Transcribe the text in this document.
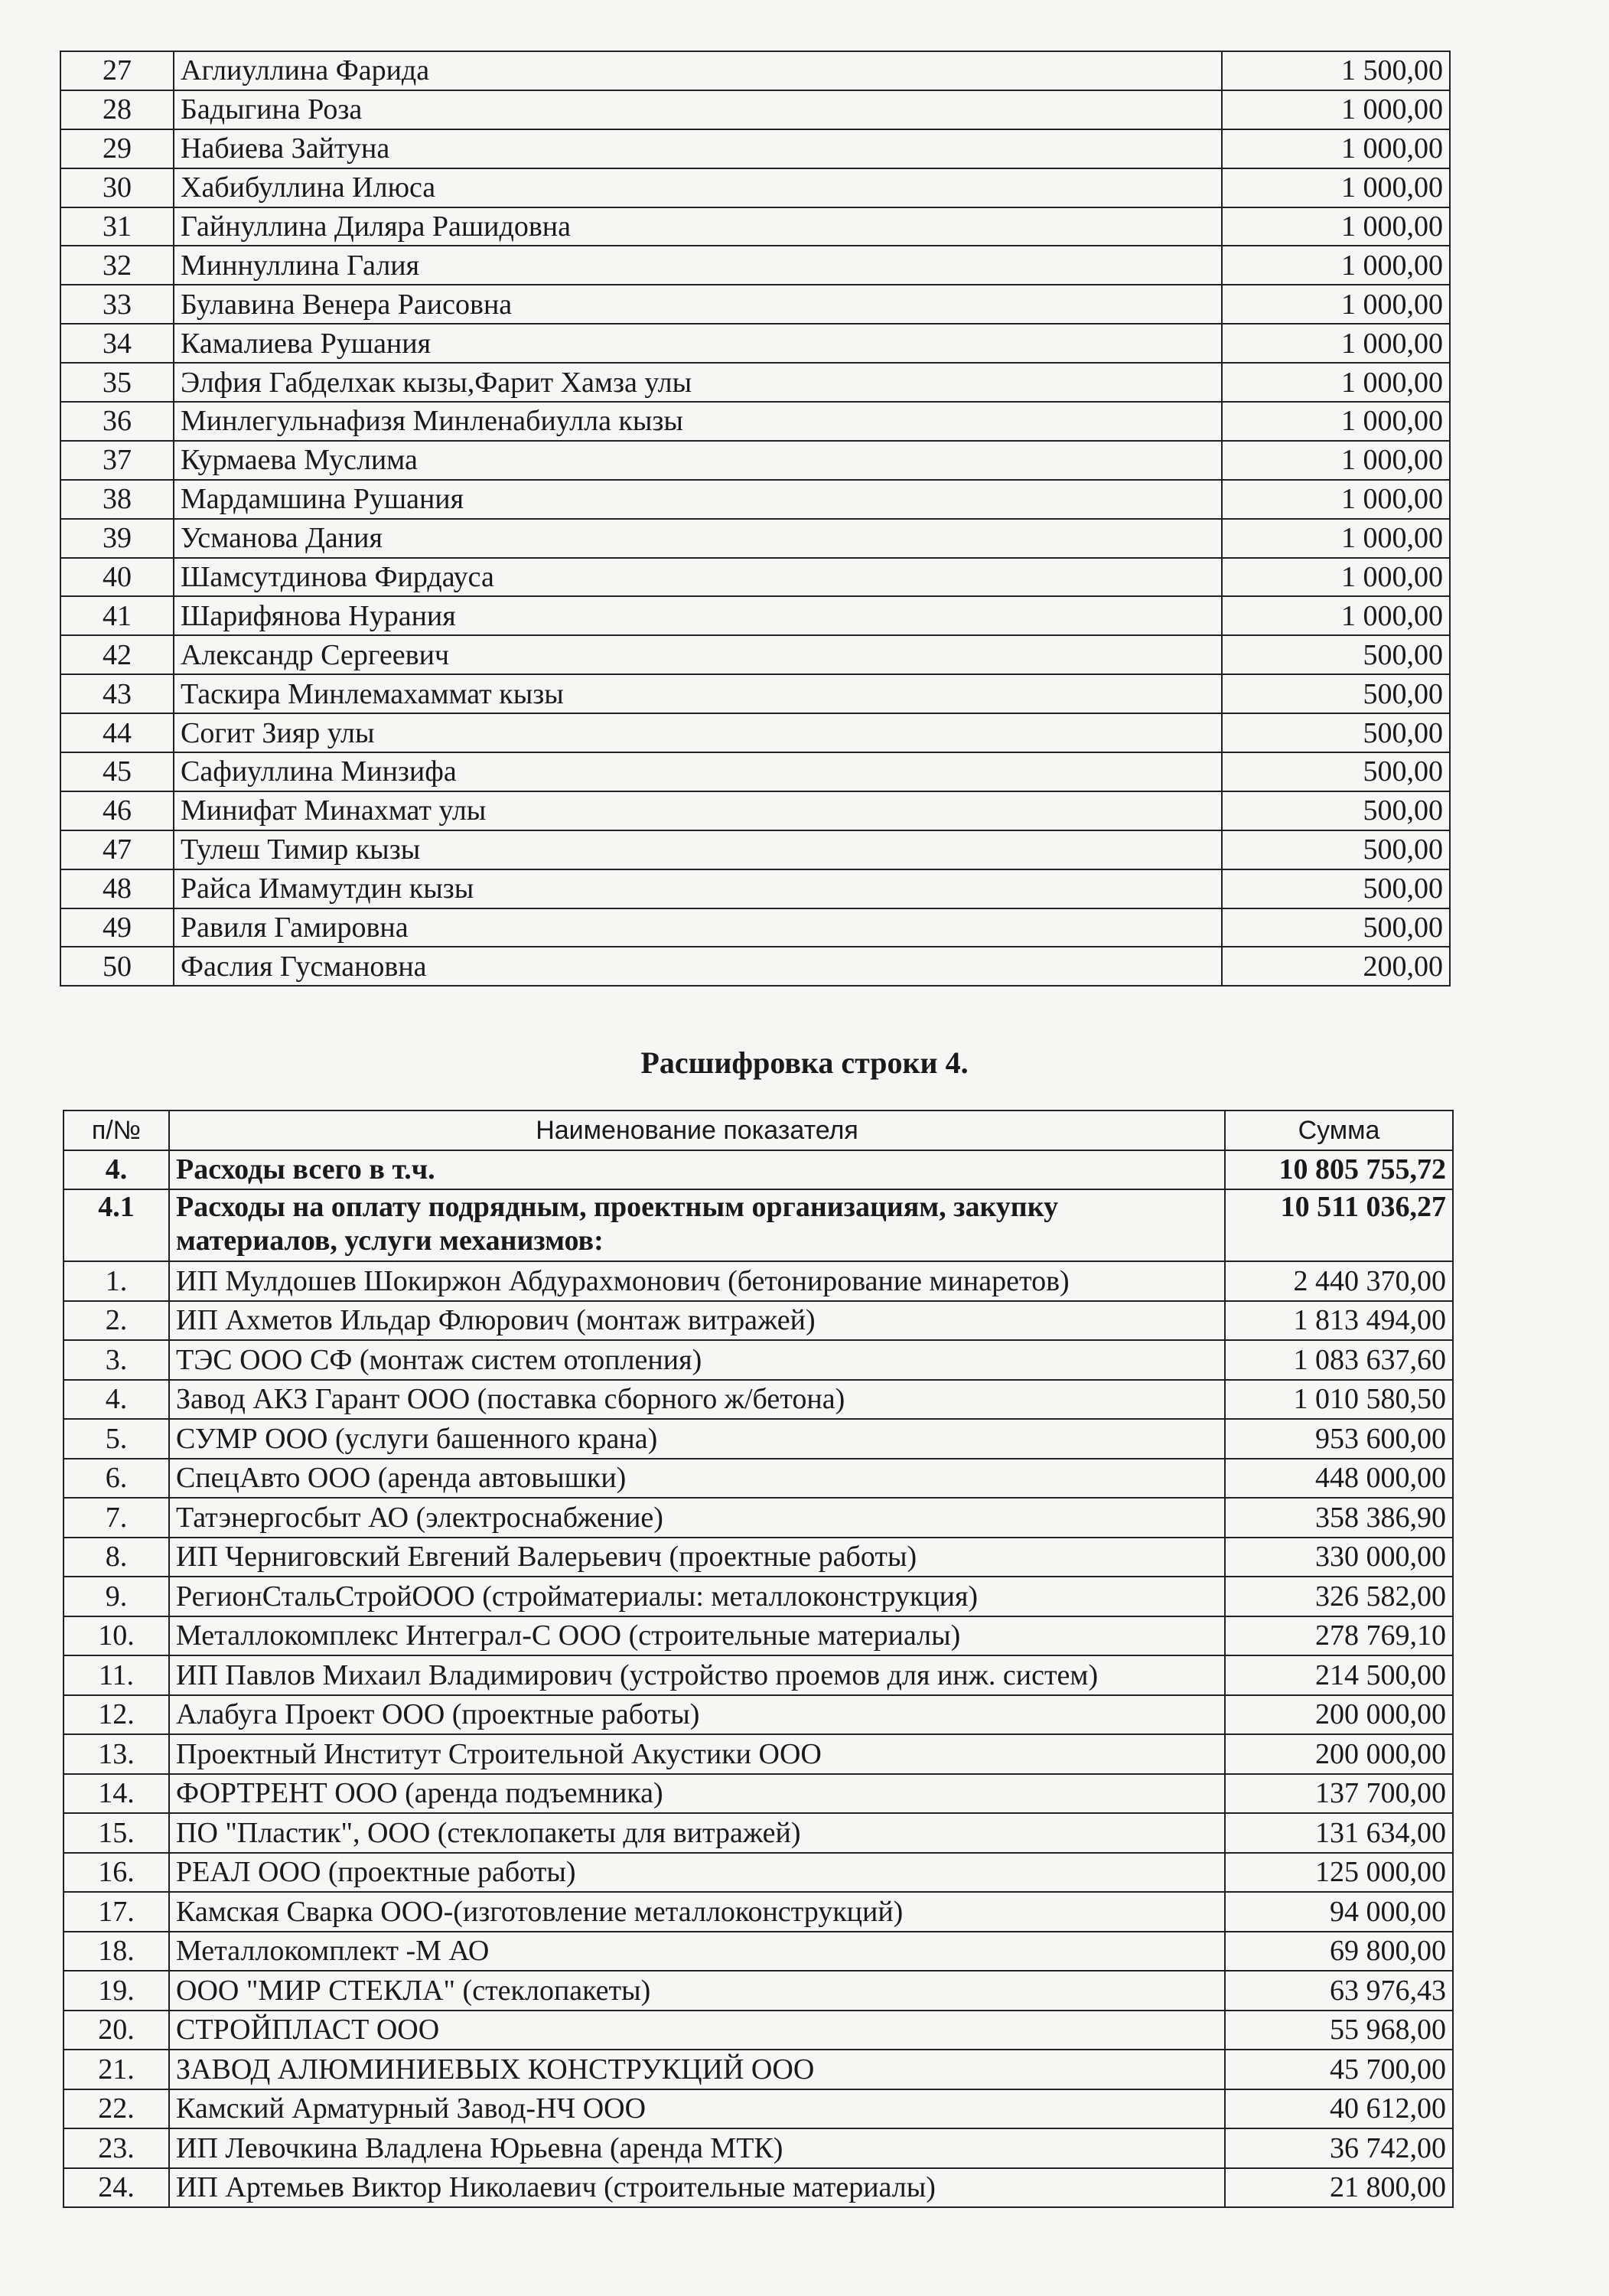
27	Аглиуллина Фарида	1 500,00
28	Бадыгина Роза	1 000,00
29	Набиева Зайтуна	1 000,00
30	Хабибуллина Илюса	1 000,00
31	Гайнуллина Диляра Рашидовна	1 000,00
32	Миннуллина Галия	1 000,00
33	Булавина Венера Раисовна	1 000,00
34	Камалиева Рушания	1 000,00
35	Элфия Габделхак кызы,Фарит Хамза улы	1 000,00
36	Минлегульнафизя Минленабиулла кызы	1 000,00
37	Курмаева Муслима	1 000,00
38	Мардамшина Рушания	1 000,00
39	Усманова Дания	1 000,00
40	Шамсутдинова Фирдауса	1 000,00
41	Шарифянова Нурания	1 000,00
42	Александр Сергеевич	500,00
43	Таскира Минлемахаммат кызы	500,00
44	Согит Зияр улы	500,00
45	Сафиуллина Минзифа	500,00
46	Минифат Минахмат улы	500,00
47	Тулеш Тимир кызы	500,00
48	Райса Имамутдин кызы	500,00
49	Равиля Гамировна	500,00
50	Фаслия Гусмановна	200,00
Расшифровка строки 4.
п/№	Наименование показателя	Сумма
4.	Расходы всего в т.ч.	10 805 755,72
4.1	Расходы на оплату подрядным, проектным организациям, закупку материалов, услуги механизмов:	10 511 036,27
1.	ИП Мулдошев Шокиржон Абдурахмонович (бетонирование минаретов)	2 440 370,00
2.	ИП Ахметов Ильдар Флюрович (монтаж витражей)	1 813 494,00
3.	ТЭС ООО СФ (монтаж систем отопления)	1 083 637,60
4.	Завод АКЗ Гарант ООО (поставка сборного ж/бетона)	1 010 580,50
5.	СУМР ООО (услуги башенного крана)	953 600,00
6.	СпецАвто ООО (аренда автовышки)	448 000,00
7.	Татэнергосбыт АО (электроснабжение)	358 386,90
8.	ИП Черниговский Евгений Валерьевич (проектные работы)	330 000,00
9.	РегионСтальСтройООО (стройматериалы: металлоконструкция)	326 582,00
10.	Металлокомплекс Интеграл-С ООО (строительные материалы)	278 769,10
11.	ИП Павлов Михаил Владимирович (устройство проемов для инж. систем)	214 500,00
12.	Алабуга Проект ООО (проектные работы)	200 000,00
13.	Проектный Институт Строительной Акустики ООО	200 000,00
14.	ФОРТРЕНТ ООО (аренда подъемника)	137 700,00
15.	ПО "Пластик", ООО (стеклопакеты для витражей)	131 634,00
16.	РЕАЛ ООО (проектные работы)	125 000,00
17.	Камская Сварка ООО-(изготовление металлоконструкций)	94 000,00
18.	Металлокомплект -М АО	69 800,00
19.	ООО "МИР СТЕКЛА" (стеклопакеты)	63 976,43
20.	СТРОЙПЛАСТ ООО	55 968,00
21.	ЗАВОД АЛЮМИНИЕВЫХ КОНСТРУКЦИЙ ООО	45 700,00
22.	Камский Арматурный Завод-НЧ ООО	40 612,00
23.	ИП Левочкина Владлена Юрьевна (аренда МТК)	36 742,00
24.	ИП Артемьев Виктор Николаевич (строительные материалы)	21 800,00
